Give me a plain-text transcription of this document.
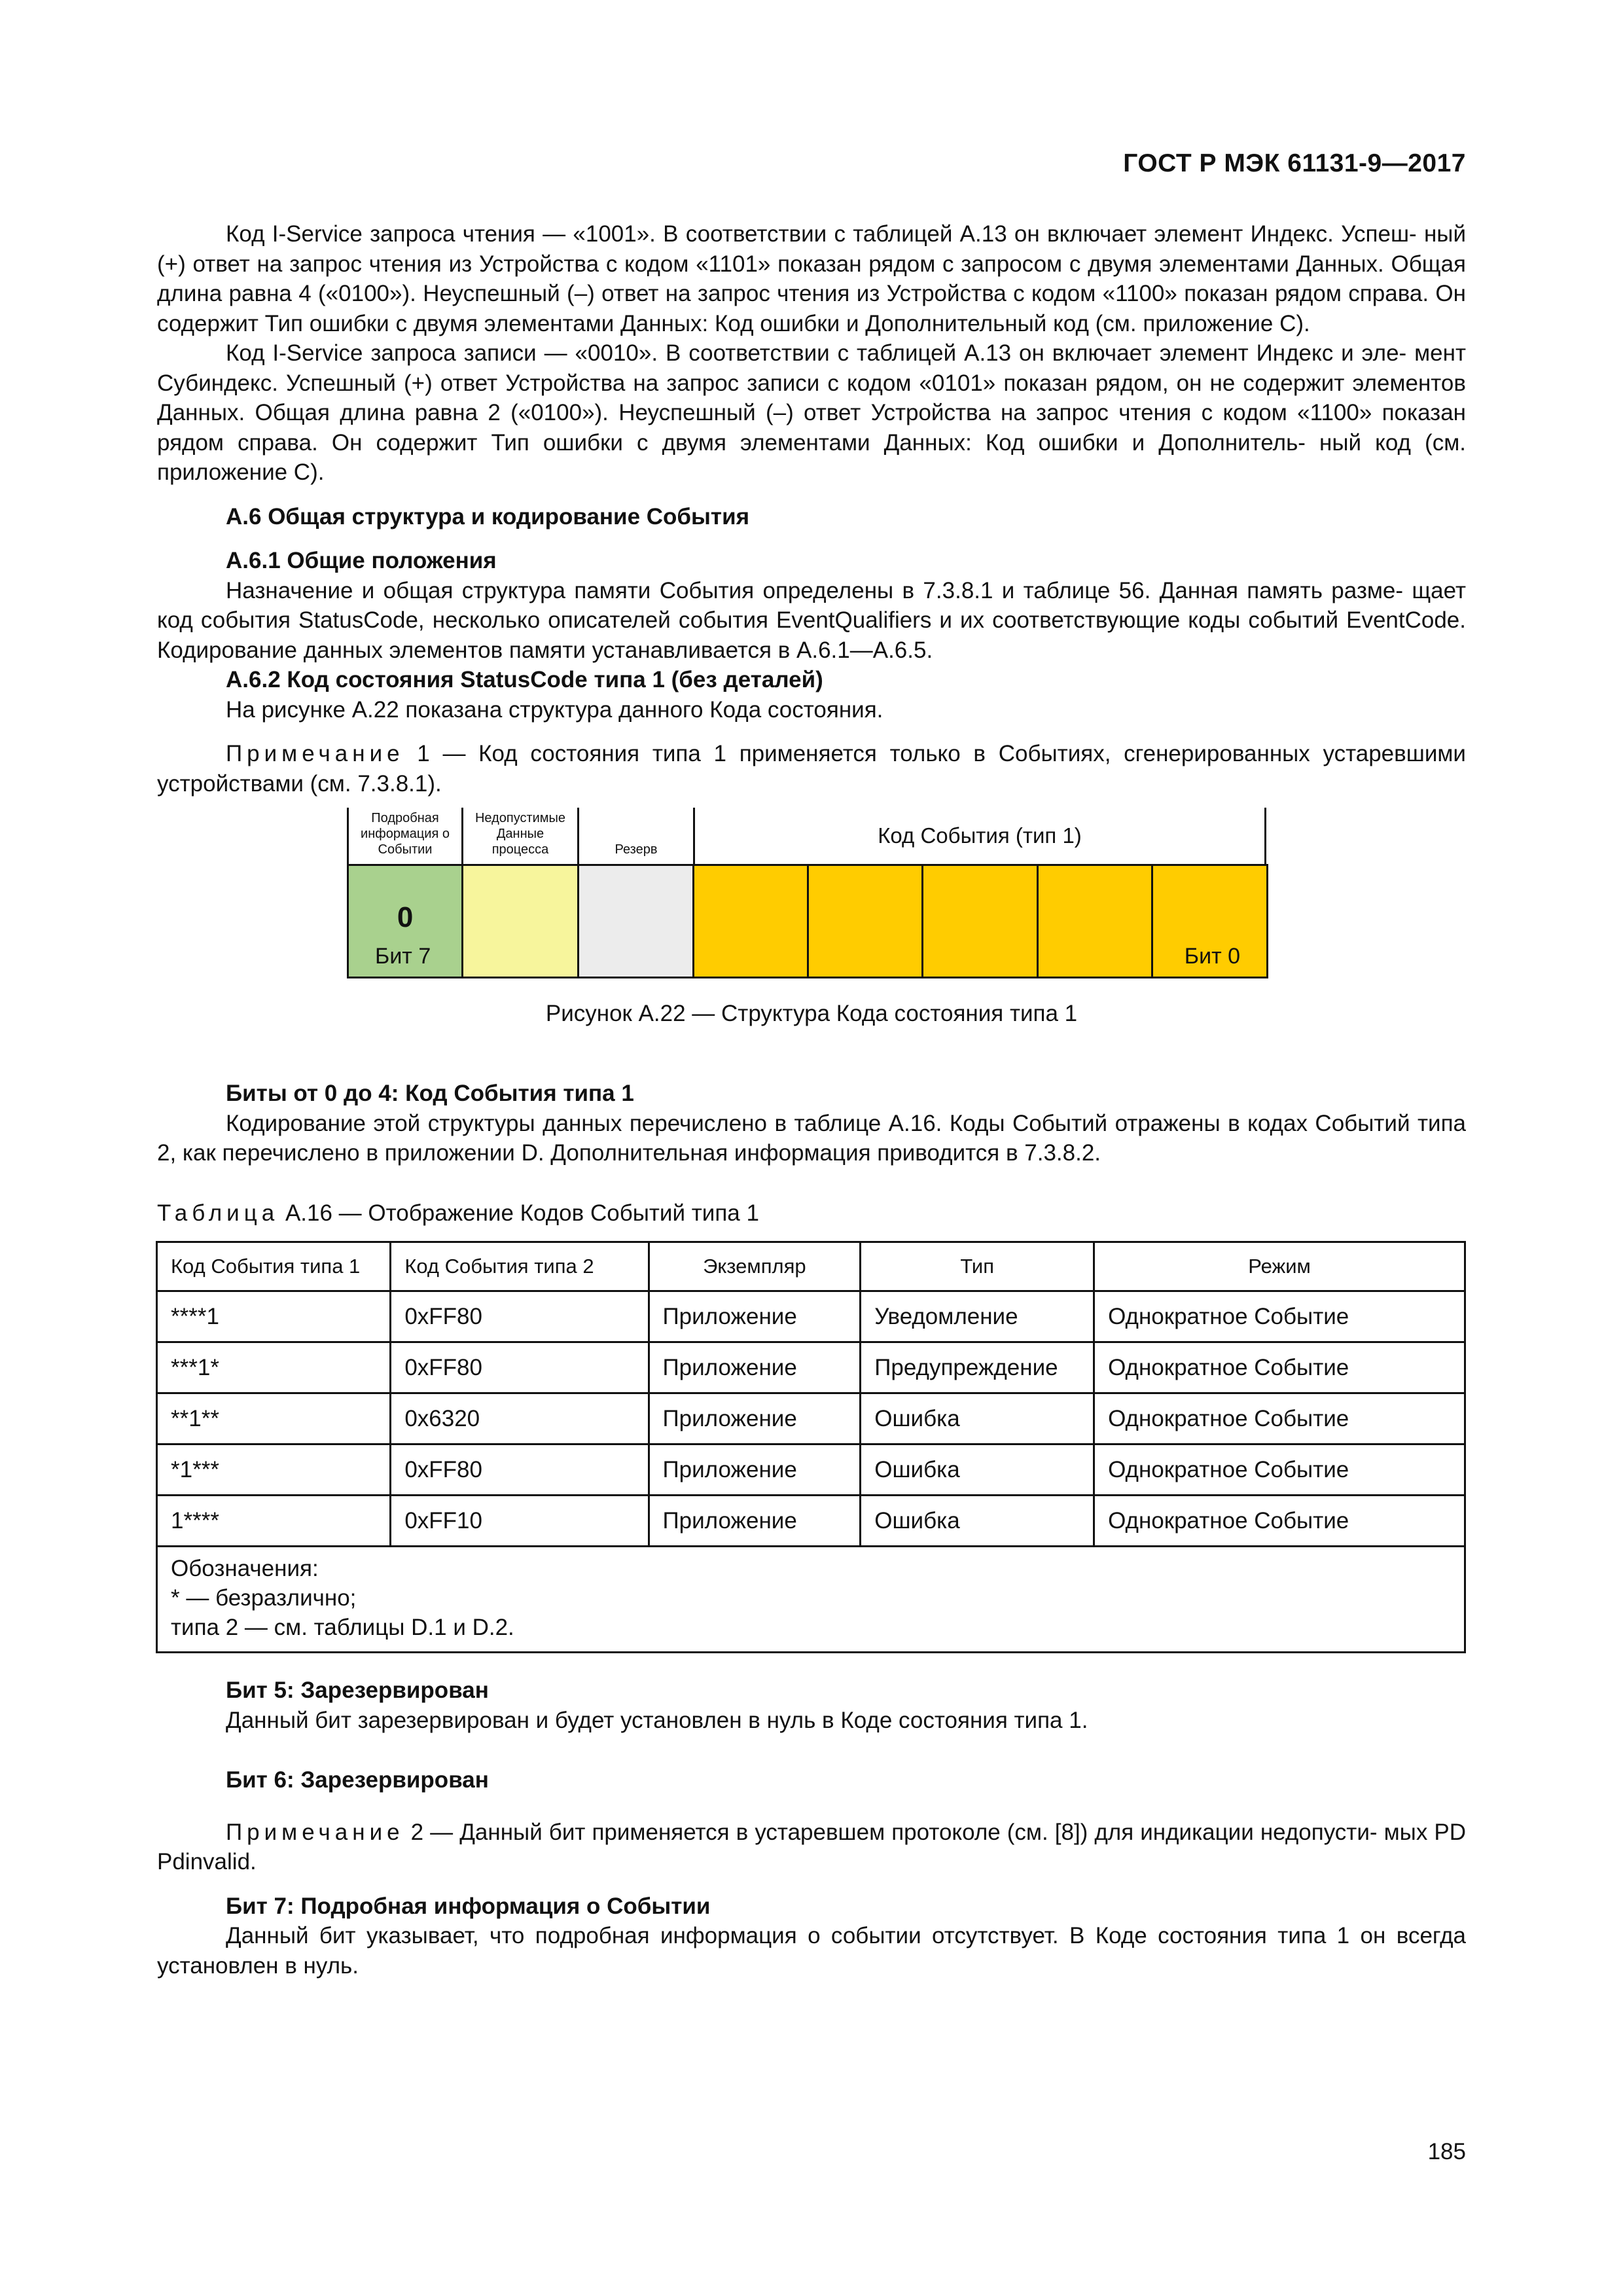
ГОСТ Р МЭК 61131-9—2017

Код I-Service запроса чтения — «1001». В соответствии с таблицей А.13 он включает элемент Индекс. Успеш- ный (+) ответ на запрос чтения из Устройства с кодом «1101» показан рядом с запросом с двумя элементами Данных. Общая длина равна 4 («0100»). Неуспешный (–) ответ на запрос чтения из Устройства с кодом «1100» показан рядом справа. Он содержит Тип ошибки с двумя элементами Данных: Код ошибки и Дополнительный код (см. приложение С).

Код I-Service запроса записи — «0010». В соответствии с таблицей А.13 он включает элемент Индекс и эле- мент Субиндекс. Успешный (+) ответ Устройства на запрос записи с кодом «0101» показан рядом, он не содержит элементов Данных. Общая длина равна 2 («0100»). Неуспешный (–) ответ Устройства на запрос чтения с кодом «1100» показан рядом справа. Он содержит Тип ошибки с двумя элементами Данных: Код ошибки и Дополнитель- ный код (см. приложение С).

А.6 Общая структура и кодирование События

А.6.1 Общие положения

Назначение и общая структура памяти События определены в 7.3.8.1 и таблице 56. Данная память разме- щает код события StatusCode, несколько описателей события EventQualifiers и их соответствующие коды событий EventCode. Кодирование данных элементов памяти устанавливается в А.6.1—А.6.5.

А.6.2 Код состояния StatusCode типа 1 (без деталей)

На рисунке А.22 показана структура данного Кода состояния.

Примечание 1 — Код состояния типа 1 применяется только в Событиях, сгенерированных устаревшими устройствами (см. 7.3.8.1).

Подробная
информация о
Событии
Недопустимые
Данные
процесса	Резерв
Код События (тип 1)
0
Бит 7	Бит 0
Рисунок А.22 — Структура Кода состояния типа 1

Биты от 0 до 4: Код События типа 1

Кодирование этой структуры данных перечислено в таблице А.16. Коды Событий отражены в кодах Событий типа 2, как перечислено в приложении D. Дополнительная информация приводится в 7.3.8.2.

Таблица А.16 — Отображение Кодов Событий типа 1

Код События типа 1	Код События типа 2	Экземпляр	Тип	Режим
****1	0xFF80	Приложение	Уведомление	Однократное Событие
***1*	0xFF80	Приложение	Предупреждение	Однократное Событие
**1**	0x6320	Приложение	Ошибка	Однократное Событие
*1***	0xFF80	Приложение	Ошибка	Однократное Событие
1****	0xFF10	Приложение	Ошибка	Однократное Событие

Обозначения:
* — безразлично;
типа 2 — см. таблицы D.1 и D.2.				

Бит 5: Зарезервирован

Данный бит зарезервирован и будет установлен в нуль в Коде состояния типа 1.

Бит 6: Зарезервирован

Примечание 2 — Данный бит применяется в устаревшем протоколе (см. [8]) для индикации недопусти- мых PD Pdinvalid.

Бит 7: Подробная информация о Событии

Данный бит указывает, что подробная информация о событии отсутствует. В Коде состояния типа 1 он всегда установлен в нуль.

185
